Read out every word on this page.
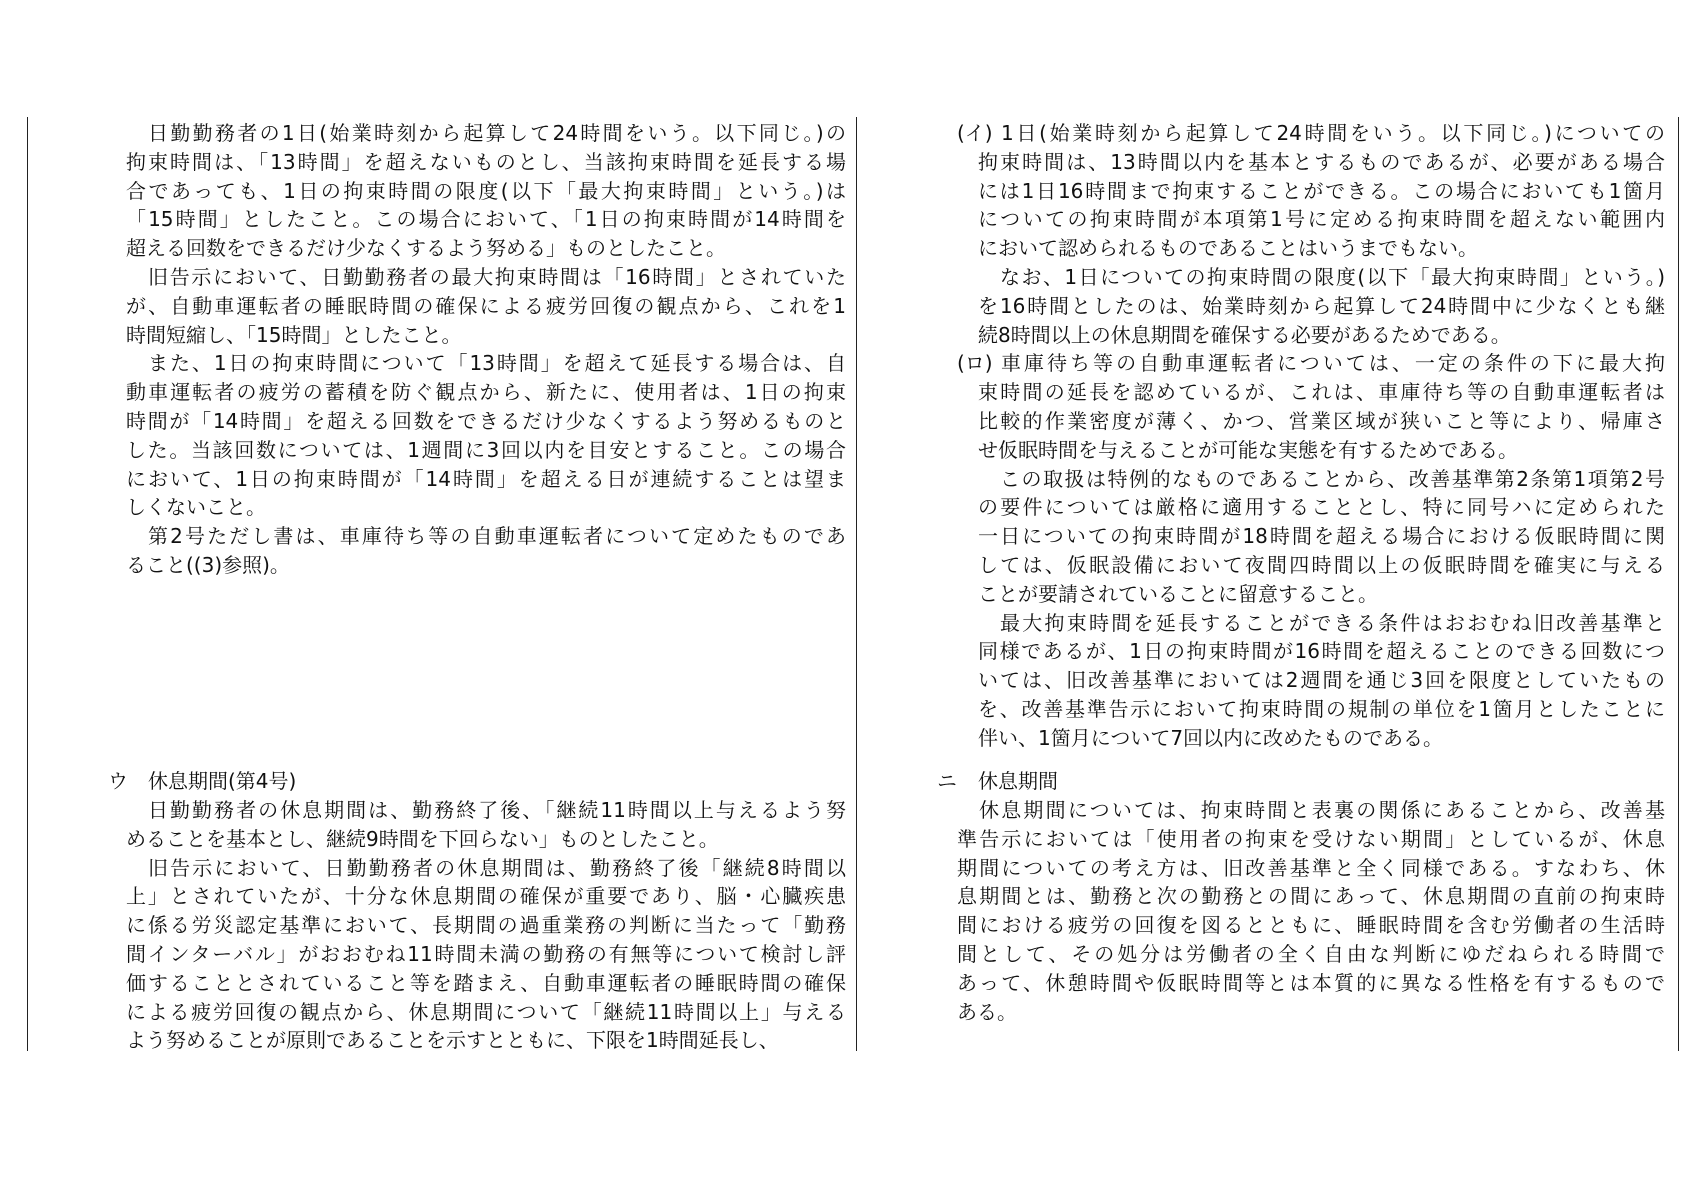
日勤勤務者の1日(始業時刻から起算して24時間をいう。以下同じ。)の
拘束時間は、「13時間」を超えないものとし、当該拘束時間を延長する場
合であっても、1日の拘束時間の限度(以下「最大拘束時間」という。)は
「15時間」としたこと。この場合において、「1日の拘束時間が14時間を
超える回数をできるだけ少なくするよう努める」ものとしたこと。
旧告示において、日勤勤務者の最大拘束時間は「16時間」とされていた
が、自動車運転者の睡眠時間の確保による疲労回復の観点から、これを1
時間短縮し、「15時間」としたこと。
また、1日の拘束時間について「13時間」を超えて延長する場合は、自
動車運転者の疲労の蓄積を防ぐ観点から、新たに、使用者は、1日の拘束
時間が「14時間」を超える回数をできるだけ少なくするよう努めるものと
した。当該回数については、1週間に3回以内を目安とすること。この場合
において、1日の拘束時間が「14時間」を超える日が連続することは望ま
しくないこと。
第2号ただし書は、車庫待ち等の自動車運転者について定めたものであ
ること((3)参照)。
ウ 休息期間(第4号)
日勤勤務者の休息期間は、勤務終了後、「継続11時間以上与えるよう努
めることを基本とし、継続9時間を下回らない」ものとしたこと。
旧告示において、日勤勤務者の休息期間は、勤務終了後「継続8時間以
上」とされていたが、十分な休息期間の確保が重要であり、脳・心臓疾患
に係る労災認定基準において、長期間の過重業務の判断に当たって「勤務
間インターバル」がおおむね11時間未満の勤務の有無等について検討し評
価することとされていること等を踏まえ、自動車運転者の睡眠時間の確保
による疲労回復の観点から、休息期間について「継続11時間以上」与える
よう努めることが原則であることを示すとともに、下限を1時間延長し、
(イ) 1日(始業時刻から起算して24時間をいう。以下同じ。)についての
拘束時間は、13時間以内を基本とするものであるが、必要がある場合
には1日16時間まで拘束することができる。この場合においても1箇月
についての拘束時間が本項第1号に定める拘束時間を超えない範囲内
において認められるものであることはいうまでもない。
なお、1日についての拘束時間の限度(以下「最大拘束時間」という。)
を16時間としたのは、始業時刻から起算して24時間中に少なくとも継
続8時間以上の休息期間を確保する必要があるためである。
(ロ) 車庫待ち等の自動車運転者については、一定の条件の下に最大拘
束時間の延長を認めているが、これは、車庫待ち等の自動車運転者は
比較的作業密度が薄く、かつ、営業区域が狭いこと等により、帰庫さ
せ仮眠時間を与えることが可能な実態を有するためである。
この取扱は特例的なものであることから、改善基準第2条第1項第2号
の要件については厳格に適用することとし、特に同号ハに定められた
一日についての拘束時間が18時間を超える場合における仮眠時間に関
しては、仮眠設備において夜間四時間以上の仮眠時間を確実に与える
ことが要請されていることに留意すること。
最大拘束時間を延長することができる条件はおおむね旧改善基準と
同様であるが、1日の拘束時間が16時間を超えることのできる回数につ
いては、旧改善基準においては2週間を通じ3回を限度としていたもの
を、改善基準告示において拘束時間の規制の単位を1箇月としたことに
伴い、1箇月について7回以内に改めたものである。
ニ 休息期間
休息期間については、拘束時間と表裏の関係にあることから、改善基
準告示においては「使用者の拘束を受けない期間」としているが、休息
期間についての考え方は、旧改善基準と全く同様である。すなわち、休
息期間とは、勤務と次の勤務との間にあって、休息期間の直前の拘束時
間における疲労の回復を図るとともに、睡眠時間を含む労働者の生活時
間として、その処分は労働者の全く自由な判断にゆだねられる時間で
あって、休憩時間や仮眠時間等とは本質的に異なる性格を有するもので
ある。
